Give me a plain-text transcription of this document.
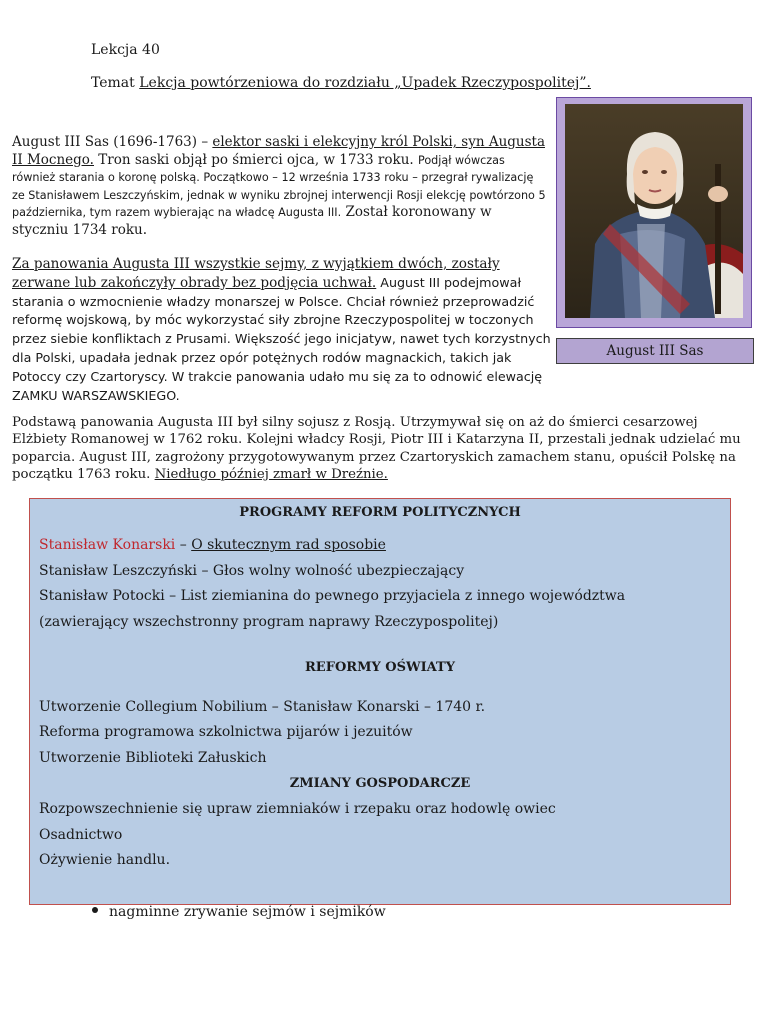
Lekcja 40
Temat Lekcja powtórzeniowa do rozdziału „Upadek Rzeczypospolitej”.
August III Sas (1696-1763) – elektor saski i elekcyjny król Polski, syn Augusta II Mocnego. Tron saski objął po śmierci ojca, w 1733 roku. Podjął wówczas również starania o koronę polską. Początkowo – 12 września 1733 roku – przegrał rywalizację ze Stanisławem Leszczyńskim, jednak w wyniku zbrojnej interwencji Rosji elekcję powtórzono 5 października, tym razem wybierając na władcę Augusta III. Został koronowany w styczniu 1734 roku.
Za panowania Augusta III wszystkie sejmy, z wyjątkiem dwóch, zostały zerwane lub zakończyły obrady bez podjęcia uchwał. August III podejmował starania o wzmocnienie władzy monarszej w Polsce. Chciał również przeprowadzić reformę wojskową, by móc wykorzystać siły zbrojne Rzeczypospolitej w toczonych przez siebie konfliktach z Prusami. Większość jego inicjatyw, nawet tych korzystnych dla Polski, upadała jednak przez opór potężnych rodów magnackich, takich jak Potoccy czy Czartoryscy. W trakcie panowania udało mu się za to odnowić elewację ZAMKU WARSZAWSKIEGO.
Podstawą panowania Augusta III był silny sojusz z Rosją. Utrzymywał się on aż do śmierci cesarzowej Elżbiety Romanowej w 1762 roku. Kolejni władcy Rosji, Piotr III i Katarzyna II, przestali jednak udzielać mu poparcia. August III, zagrożony przygotowywanym przez Czartoryskich zamachem stanu, opuścił Polskę na początku 1763 roku. Niedługo później zmarł w Dreźnie.
August III Sas
PROGRAMY REFORM POLITYCZNYCH
Stanisław Konarski – O skutecznym rad sposobie
Stanisław Leszczyński – Głos wolny wolność ubezpieczający
Stanisław Potocki – List ziemianina do pewnego przyjaciela z innego województwa
(zawierający wszechstronny program naprawy Rzeczypospolitej)
REFORMY OŚWIATY
Utworzenie Collegium Nobilium – Stanisław Konarski – 1740 r.
Reforma programowa szkolnictwa pijarów i jezuitów
Utworzenie Biblioteki Załuskich
ZMIANY GOSPODARCZE
Rozpowszechnienie się upraw ziemniaków i rzepaku oraz hodowlę owiec
Osadnictwo
Ożywienie handlu.
nagminne zrywanie sejmów i sejmików
